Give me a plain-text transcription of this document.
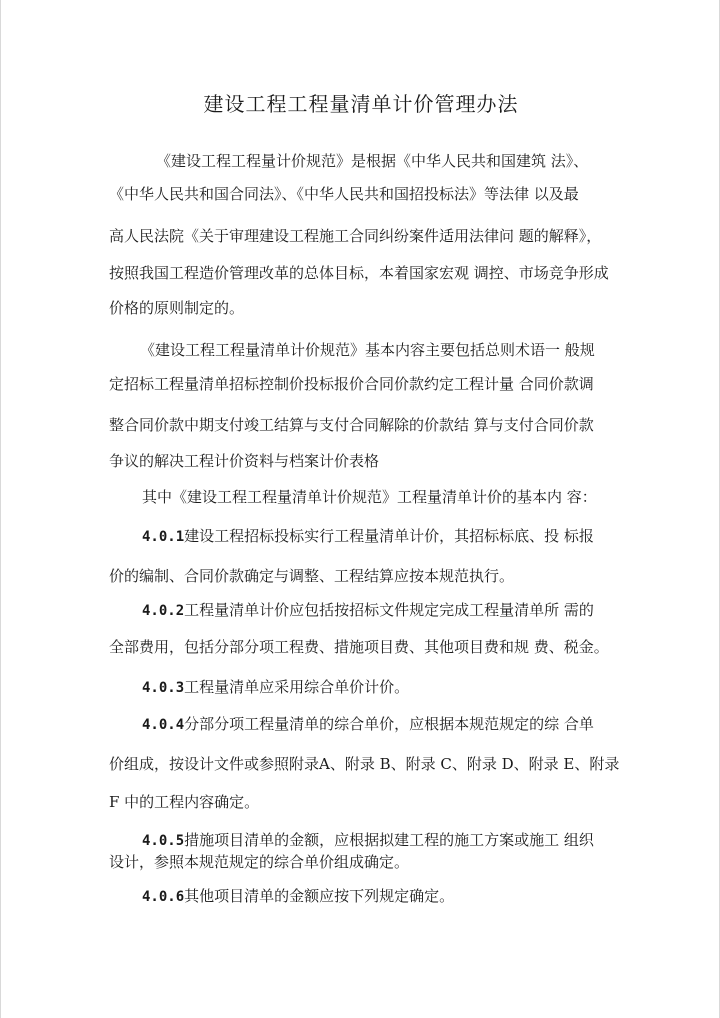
建设工程工程量清单计价管理办法
《建设工程工程量计价规范》是根据《中华人民共和国建筑 法》、
《中华人民共和国合同法》、《中华人民共和国招投标法》等法律 以及最
高人民法院《关于审理建设工程施工合同纠纷案件适用法律问 题的解释》，
按照我国工程造价管理改革的总体目标，本着国家宏观 调控、市场竞争形成
价格的原则制定的。
《建设工程工程量清单计价规范》基本内容主要包括总则术语一 般规
定招标工程量清单招标控制价投标报价合同价款约定工程计量 合同价款调
整合同价款中期支付竣工结算与支付合同解除的价款结 算与支付合同价款
争议的解决工程计价资料与档案计价表格
其中《建设工程工程量清单计价规范》工程量清单计价的基本内 容：
4.0.1建设工程招标投标实行工程量清单计价，其招标标底、投 标报
价的编制、合同价款确定与调整、工程结算应按本规范执行。
4.0.2工程量清单计价应包括按招标文件规定完成工程量清单所 需的
全部费用，包括分部分项工程费、措施项目费、其他项目费和规 费、税金。
4.0.3工程量清单应采用综合单价计价。
4.0.4分部分项工程量清单的综合单价，应根据本规范规定的综 合单
价组成，按设计文件或参照附录A、附录 B、附录 C、附录 D、附录 E、附录
F 中的工程内容确定。
4.0.5措施项目清单的金额，应根据拟建工程的施工方案或施工 组织
设计，参照本规范规定的综合单价组成确定。
4.0.6其他项目清单的金额应按下列规定确定。
